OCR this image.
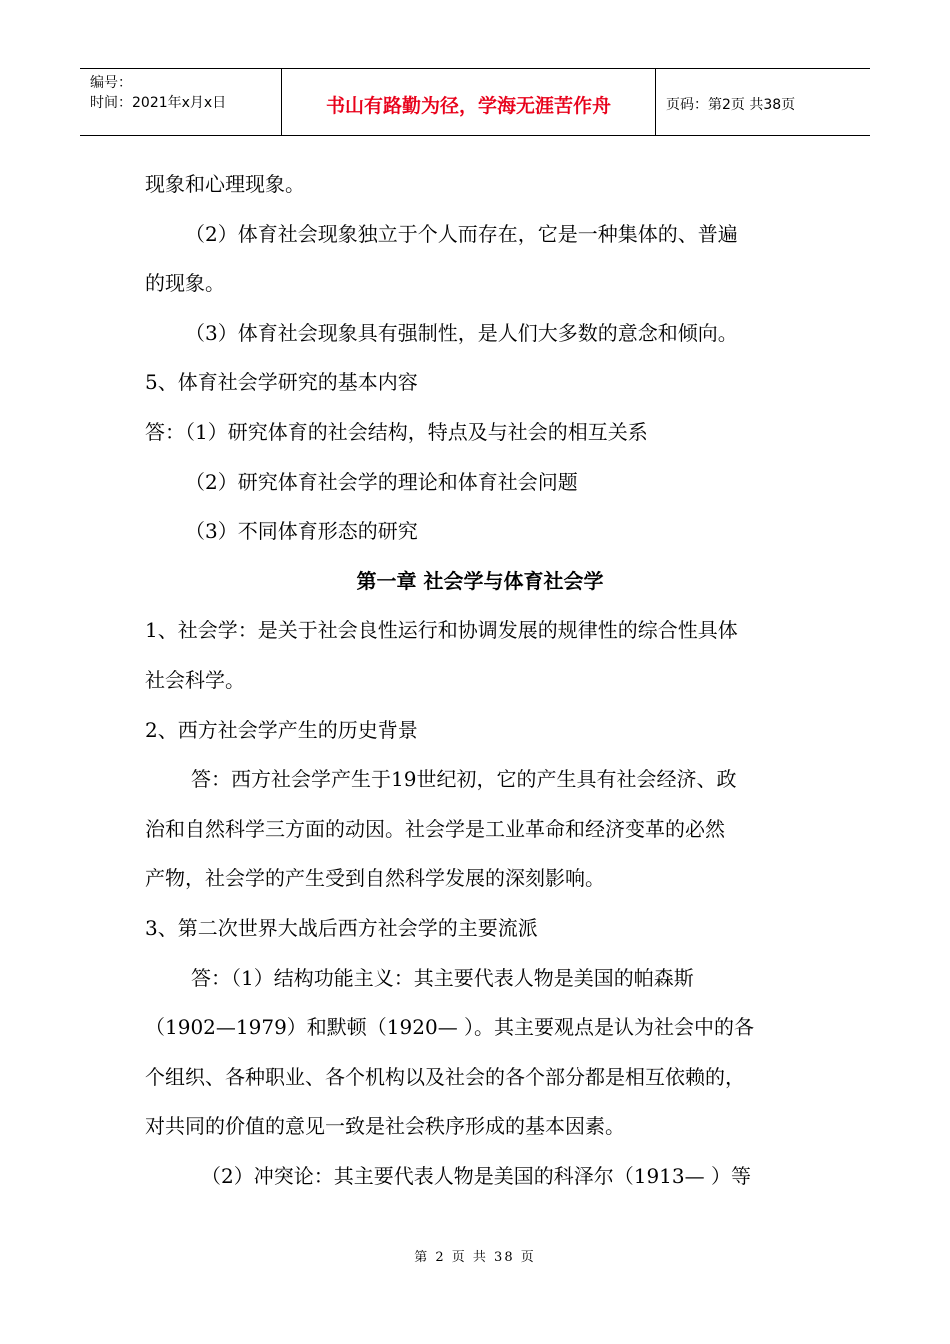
编号：
时间：2021年x月x日	书山有路勤为径，学海无涯苦作舟	页码：第2页 共38页
现象和心理现象。
（2）体育社会现象独立于个人而存在，它是一种集体的、普遍
的现象。
（3）体育社会现象具有强制性，是人们大多数的意念和倾向。
5、体育社会学研究的基本内容
答：（1）研究体育的社会结构，特点及与社会的相互关系
（2）研究体育社会学的理论和体育社会问题
（3）不同体育形态的研究
第一章 社会学与体育社会学
1、社会学：是关于社会良性运行和协调发展的规律性的综合性具体
社会科学。
2、西方社会学产生的历史背景
答：西方社会学产生于19世纪初，它的产生具有社会经济、政
治和自然科学三方面的动因。社会学是工业革命和经济变革的必然
产物，社会学的产生受到自然科学发展的深刻影响。
3、第二次世界大战后西方社会学的主要流派
答：（1）结构功能主义：其主要代表人物是美国的帕森斯
（1902—1979）和默顿（1920— ）。其主要观点是认为社会中的各
个组织、各种职业、各个机构以及社会的各个部分都是相互依赖的，
对共同的价值的意见一致是社会秩序形成的基本因素。
（2）冲突论：其主要代表人物是美国的科泽尔（1913— ）等
第 2 页 共 38 页
